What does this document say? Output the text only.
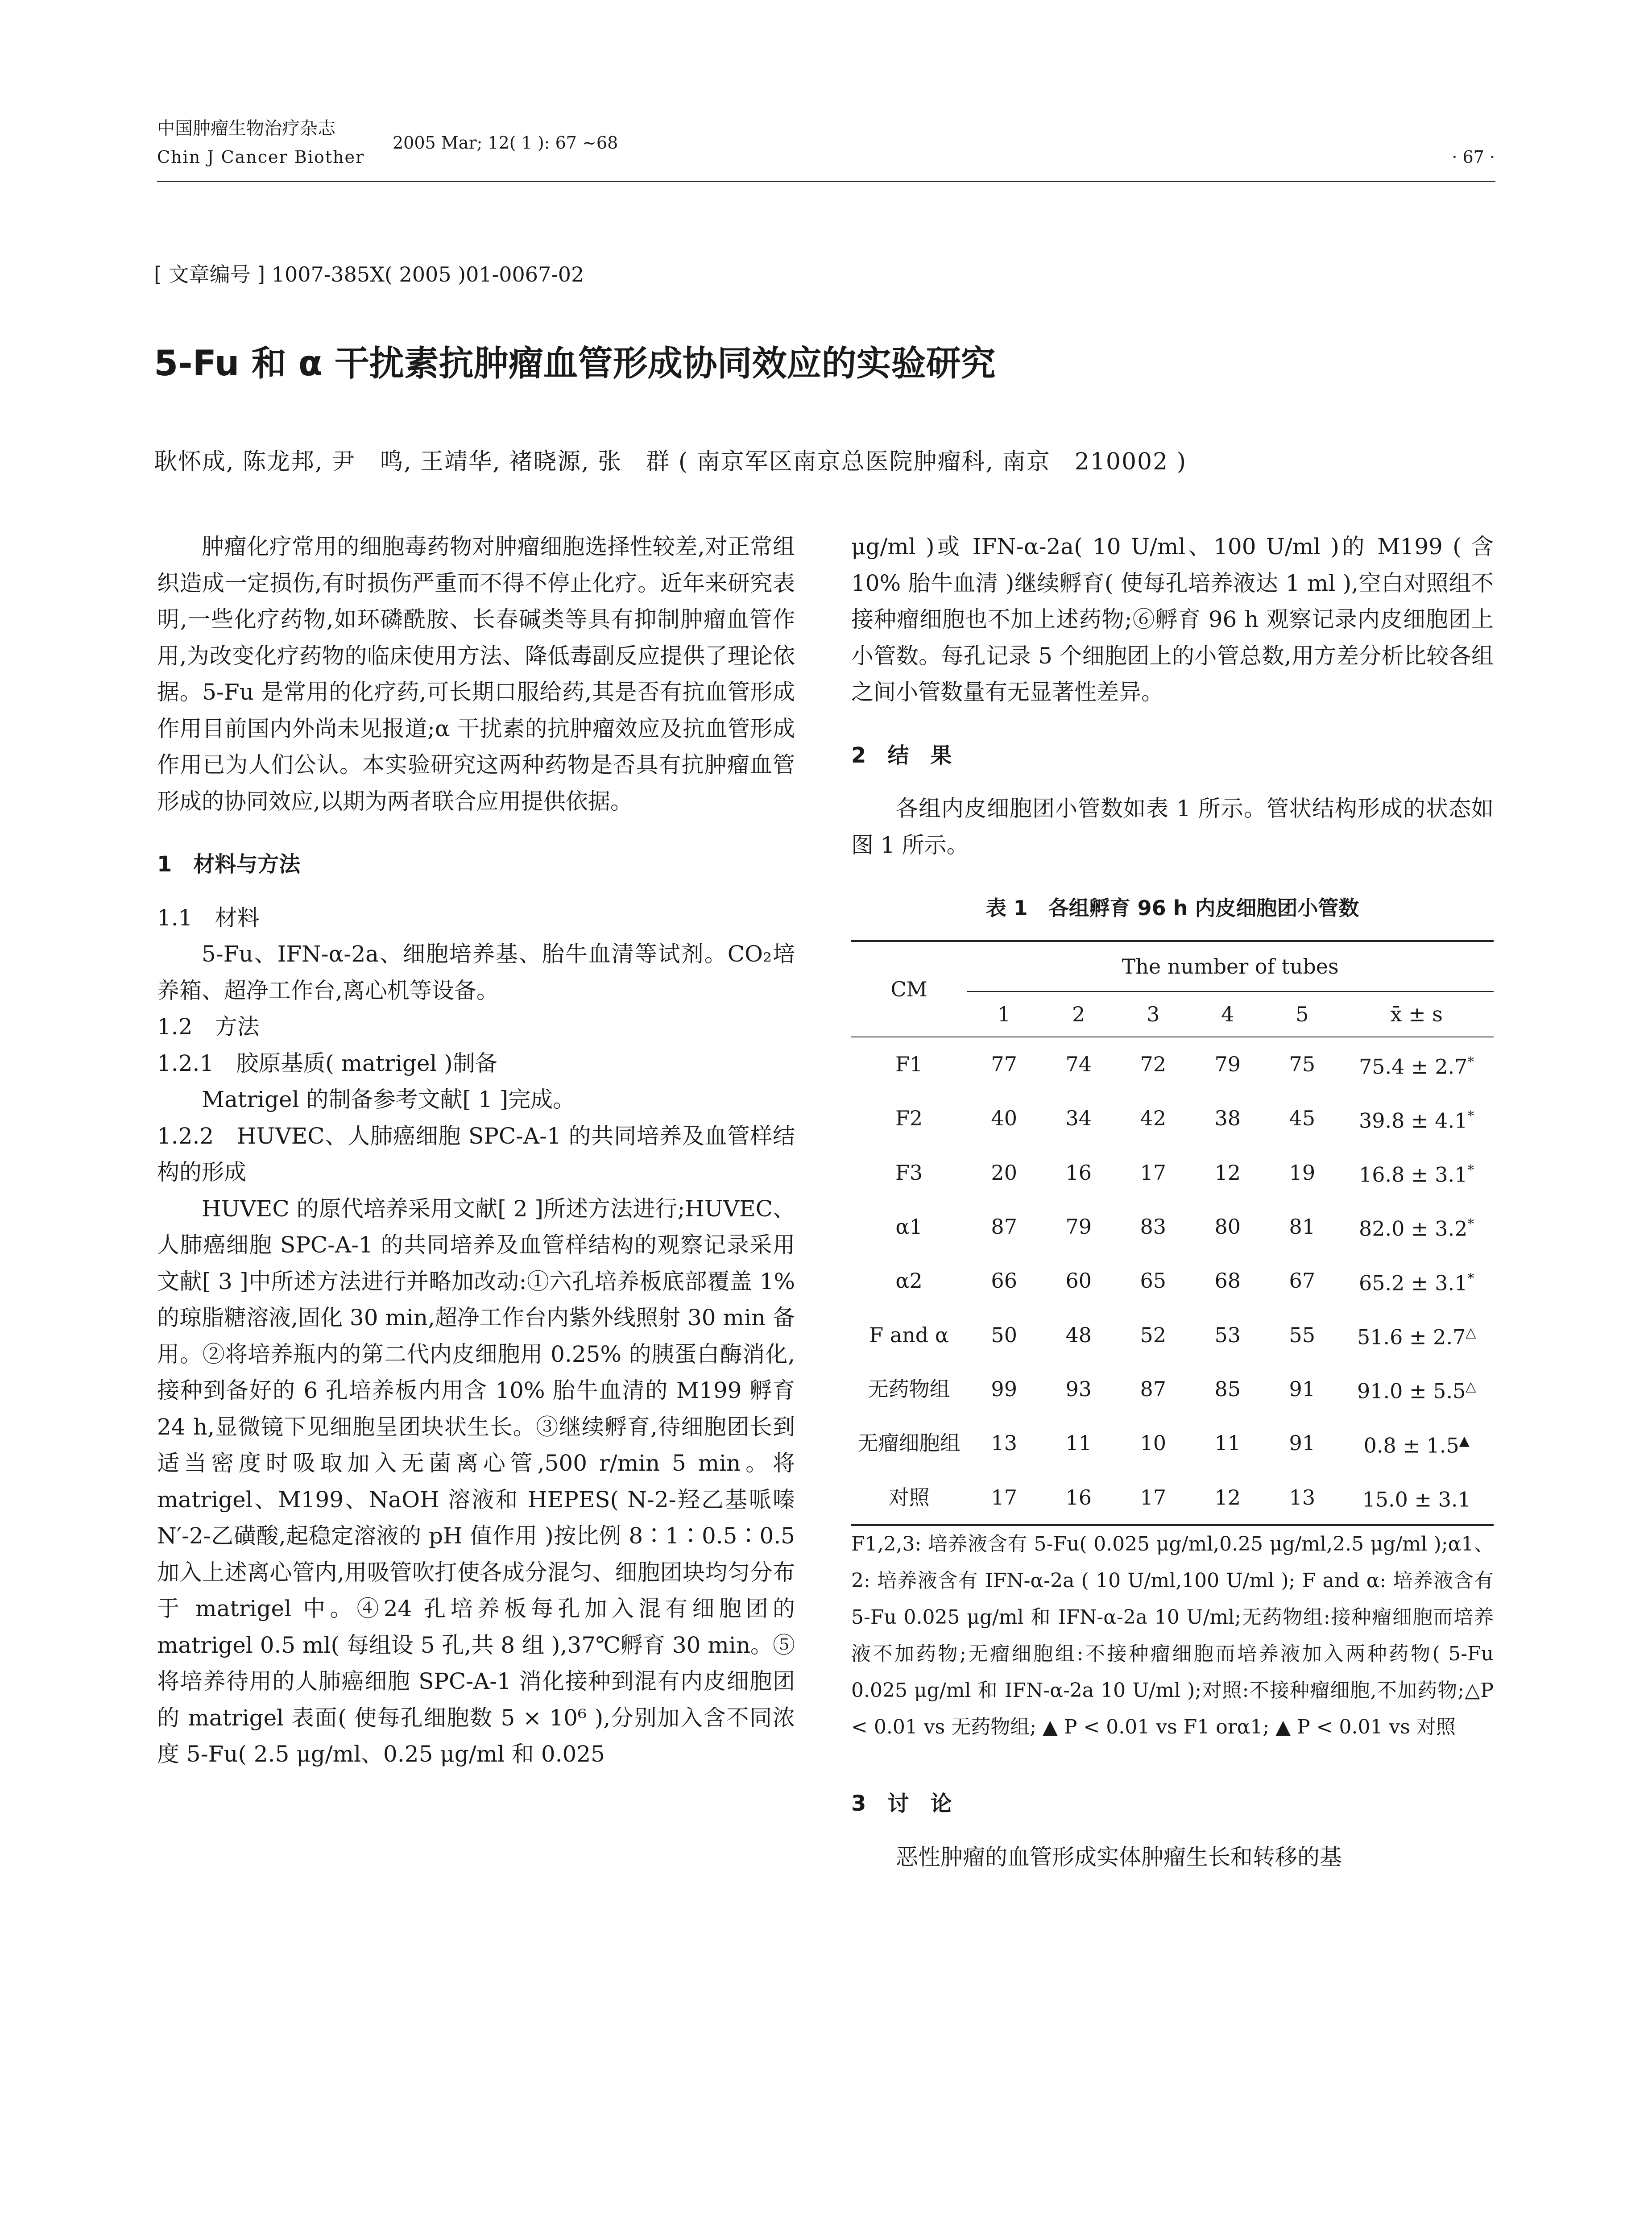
中国肿瘤生物治疗杂志
Chin J Cancer Biother
2005 Mar; 12( 1 ): 67 ~68
· 67 ·
[ 文章编号 ] 1007-385X( 2005 )01-0067-02
5-Fu 和 α 干扰素抗肿瘤血管形成协同效应的实验研究
耿怀成, 陈龙邦, 尹　鸣, 王靖华, 褚晓源, 张　群 ( 南京军区南京总医院肿瘤科, 南京　210002 )

肿瘤化疗常用的细胞毒药物对肿瘤细胞选择性较差,对正常组织造成一定损伤,有时损伤严重而不得不停止化疗。近年来研究表明,一些化疗药物,如环磷酰胺、长春碱类等具有抑制肿瘤血管作用,为改变化疗药物的临床使用方法、降低毒副反应提供了理论依据。5-Fu 是常用的化疗药,可长期口服给药,其是否有抗血管形成作用目前国内外尚未见报道;α 干扰素的抗肿瘤效应及抗血管形成作用已为人们公认。本实验研究这两种药物是否具有抗肿瘤血管形成的协同效应,以期为两者联合应用提供依据。

1　材料与方法

1.1　材料

5-Fu、IFN-α-2a、细胞培养基、胎牛血清等试剂。CO₂培养箱、超净工作台,离心机等设备。

1.2　方法

1.2.1　胶原基质( matrigel )制备

Matrigel 的制备参考文献[ 1 ]完成。

1.2.2　HUVEC、人肺癌细胞 SPC-A-1 的共同培养及血管样结构的形成

HUVEC 的原代培养采用文献[ 2 ]所述方法进行;HUVEC、人肺癌细胞 SPC-A-1 的共同培养及血管样结构的观察记录采用文献[ 3 ]中所述方法进行并略加改动:①六孔培养板底部覆盖 1% 的琼脂糖溶液,固化 30 min,超净工作台内紫外线照射 30 min 备用。②将培养瓶内的第二代内皮细胞用 0.25% 的胰蛋白酶消化,接种到备好的 6 孔培养板内用含 10% 胎牛血清的 M199 孵育 24 h,显微镜下见细胞呈团块状生长。③继续孵育,待细胞团长到适当密度时吸取加入无菌离心管,500 r/min 5 min。将 matrigel、M199、NaOH 溶液和 HEPES( N-2-羟乙基哌嗪 N′-2-乙磺酸,起稳定溶液的 pH 值作用 )按比例 8∶1∶0.5∶0.5 加入上述离心管内,用吸管吹打使各成分混匀、细胞团块均匀分布于 matrigel 中。④24 孔培养板每孔加入混有细胞团的 matrigel 0.5 ml( 每组设 5 孔,共 8 组 ),37℃孵育 30 min。⑤将培养待用的人肺癌细胞 SPC-A-1 消化接种到混有内皮细胞团的 matrigel 表面( 使每孔细胞数 5 × 10⁶ ),分别加入含不同浓度 5-Fu( 2.5 μg/ml、0.25 μg/ml 和 0.025

μg/ml )或 IFN-α-2a( 10 U/ml、100 U/ml )的 M199 ( 含 10% 胎牛血清 )继续孵育( 使每孔培养液达 1 ml ),空白对照组不接种瘤细胞也不加上述药物;⑥孵育 96 h 观察记录内皮细胞团上小管数。每孔记录 5 个细胞团上的小管总数,用方差分析比较各组之间小管数量有无显著性差异。

2　结　果

各组内皮细胞团小管数如表 1 所示。管状结构形成的状态如图 1 所示。

表 1　各组孵育 96 h 内皮细胞团小管数

CM	The number of tubes					
	1	2	3	4	5	x̄ ± s
F1	77	74	72	79	75	75.4 ± 2.7*
F2	40	34	42	38	45	39.8 ± 4.1*
F3	20	16	17	12	19	16.8 ± 3.1*
α1	87	79	83	80	81	82.0 ± 3.2*
α2	66	60	65	68	67	65.2 ± 3.1*
F and α	50	48	52	53	55	51.6 ± 2.7△
无药物组	99	93	87	85	91	91.0 ± 5.5△
无瘤细胞组	13	11	10	11	91	0.8 ± 1.5▲
对照	17	16	17	12	13	15.0 ± 3.1

F1,2,3: 培养液含有 5-Fu( 0.025 μg/ml,0.25 μg/ml,2.5 μg/ml );α1、2: 培养液含有 IFN-α-2a ( 10 U/ml,100 U/ml ); F and α: 培养液含有 5-Fu 0.025 μg/ml 和 IFN-α-2a 10 U/ml;无药物组:接种瘤细胞而培养液不加药物;无瘤细胞组:不接种瘤细胞而培养液加入两种药物( 5-Fu 0.025 μg/ml 和 IFN-α-2a 10 U/ml );对照:不接种瘤细胞,不加药物;△P < 0.01 vs 无药物组; ▲ P < 0.01 vs F1 orα1; ▲ P < 0.01 vs 对照

3　讨　论

恶性肿瘤的血管形成实体肿瘤生长和转移的基
